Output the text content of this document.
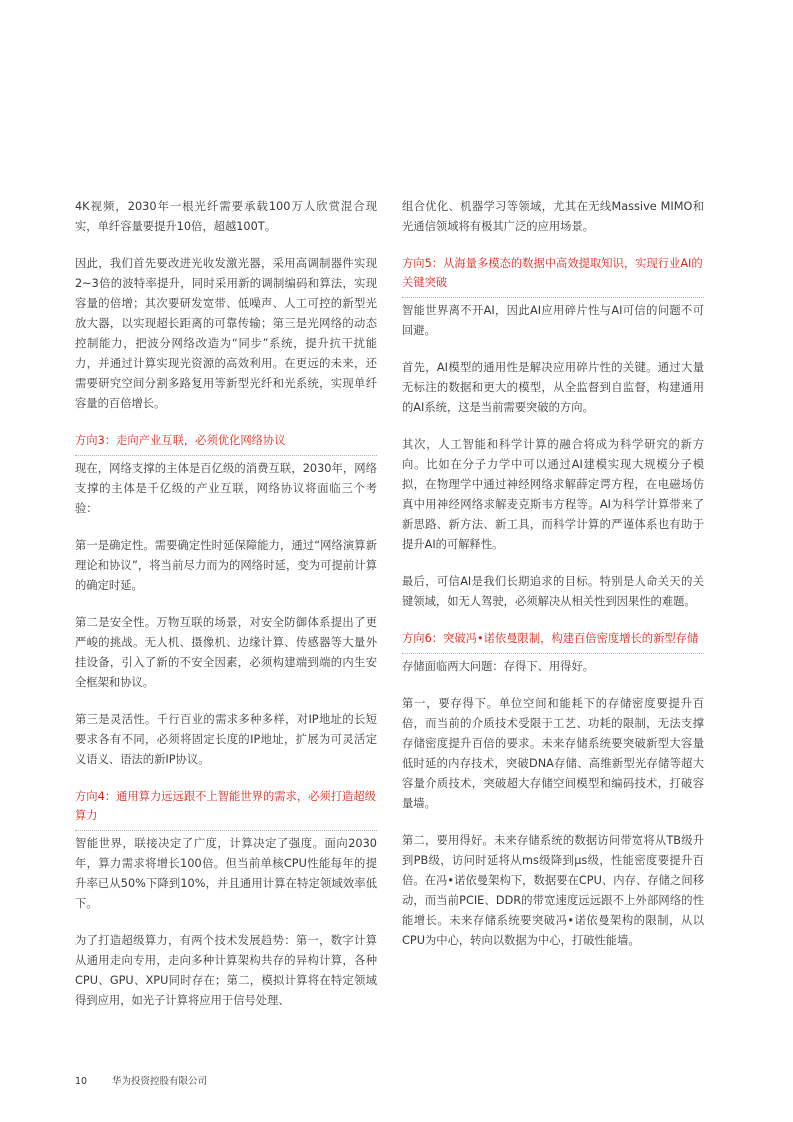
4K视频，2030年一根光纤需要承载100万人欣赏混合现实，单纤容量要提升10倍，超越100T。

因此，我们首先要改进光收发激光器，采用高调制器件实现2~3倍的波特率提升，同时采用新的调制编码和算法，实现容量的倍增；其次要研发宽带、低噪声、人工可控的新型光放大器，以实现超长距离的可靠传输；第三是光网络的动态控制能力，把波分网络改造为“同步”系统，提升抗干扰能力，并通过计算实现光资源的高效利用。在更远的未来，还需要研究空间分割多路复用等新型光纤和光系统，实现单纤容量的百倍增长。

方向3：走向产业互联，必须优化网络协议

现在，网络支撑的主体是百亿级的消费互联，2030年，网络支撑的主体是千亿级的产业互联，网络协议将面临三个考验：

第一是确定性。需要确定性时延保障能力，通过“网络演算新理论和协议”，将当前尽力而为的网络时延，变为可提前计算的确定时延。

第二是安全性。万物互联的场景，对安全防御体系提出了更严峻的挑战。无人机、摄像机、边缘计算、传感器等大量外挂设备，引入了新的不安全因素，必须构建端到端的内生安全框架和协议。

第三是灵活性。千行百业的需求多种多样，对IP地址的长短要求各有不同，必须将固定长度的IP地址，扩展为可灵活定义语义、语法的新IP协议。

方向4：通用算力远远跟不上智能世界的需求，必须打造超级算力

智能世界，联接决定了广度，计算决定了强度。面向2030年，算力需求将增长100倍。但当前单核CPU性能每年的提升率已从50%下降到10%，并且通用计算在特定领域效率低下。

为了打造超级算力，有两个技术发展趋势：第一，数字计算从通用走向专用，走向多种计算架构共存的异构计算，各种CPU、GPU、XPU同时存在；第二，模拟计算将在特定领域得到应用，如光子计算将应用于信号处理、

组合优化、机器学习等领域，尤其在无线Massive MIMO和光通信领域将有极其广泛的应用场景。

方向5：从海量多模态的数据中高效提取知识，实现行业AI的关键突破

智能世界离不开AI，因此AI应用碎片性与AI可信的问题不可回避。

首先，AI模型的通用性是解决应用碎片性的关键。通过大量无标注的数据和更大的模型，从全监督到自监督，构建通用的AI系统，这是当前需要突破的方向。

其次，人工智能和科学计算的融合将成为科学研究的新方向。比如在分子力学中可以通过AI建模实现大规模分子模拟，在物理学中通过神经网络求解薛定谔方程，在电磁场仿真中用神经网络求解麦克斯韦方程等。AI为科学计算带来了新思路、新方法、新工具，而科学计算的严谨体系也有助于提升AI的可解释性。

最后，可信AI是我们长期追求的目标。特别是人命关天的关键领域，如无人驾驶，必须解决从相关性到因果性的难题。

方向6：突破冯•诺依曼限制，构建百倍密度增长的新型存储

存储面临两大问题：存得下、用得好。

第一，要存得下。单位空间和能耗下的存储密度要提升百倍，而当前的介质技术受限于工艺、功耗的限制，无法支撑存储密度提升百倍的要求。未来存储系统要突破新型大容量低时延的内存技术，突破DNA存储、高维新型光存储等超大容量介质技术，突破超大存储空间模型和编码技术，打破容量墙。

第二，要用得好。未来存储系统的数据访问带宽将从TB级升到PB级，访问时延将从ms级降到μs级，性能密度要提升百倍。在冯•诺依曼架构下，数据要在CPU、内存、存储之间移动，而当前PCIE、DDR的带宽速度远远跟不上外部网络的性能增长。未来存储系统要突破冯•诺依曼架构的限制，从以CPU为中心，转向以数据为中心，打破性能墙。

10	华为投资控股有限公司
